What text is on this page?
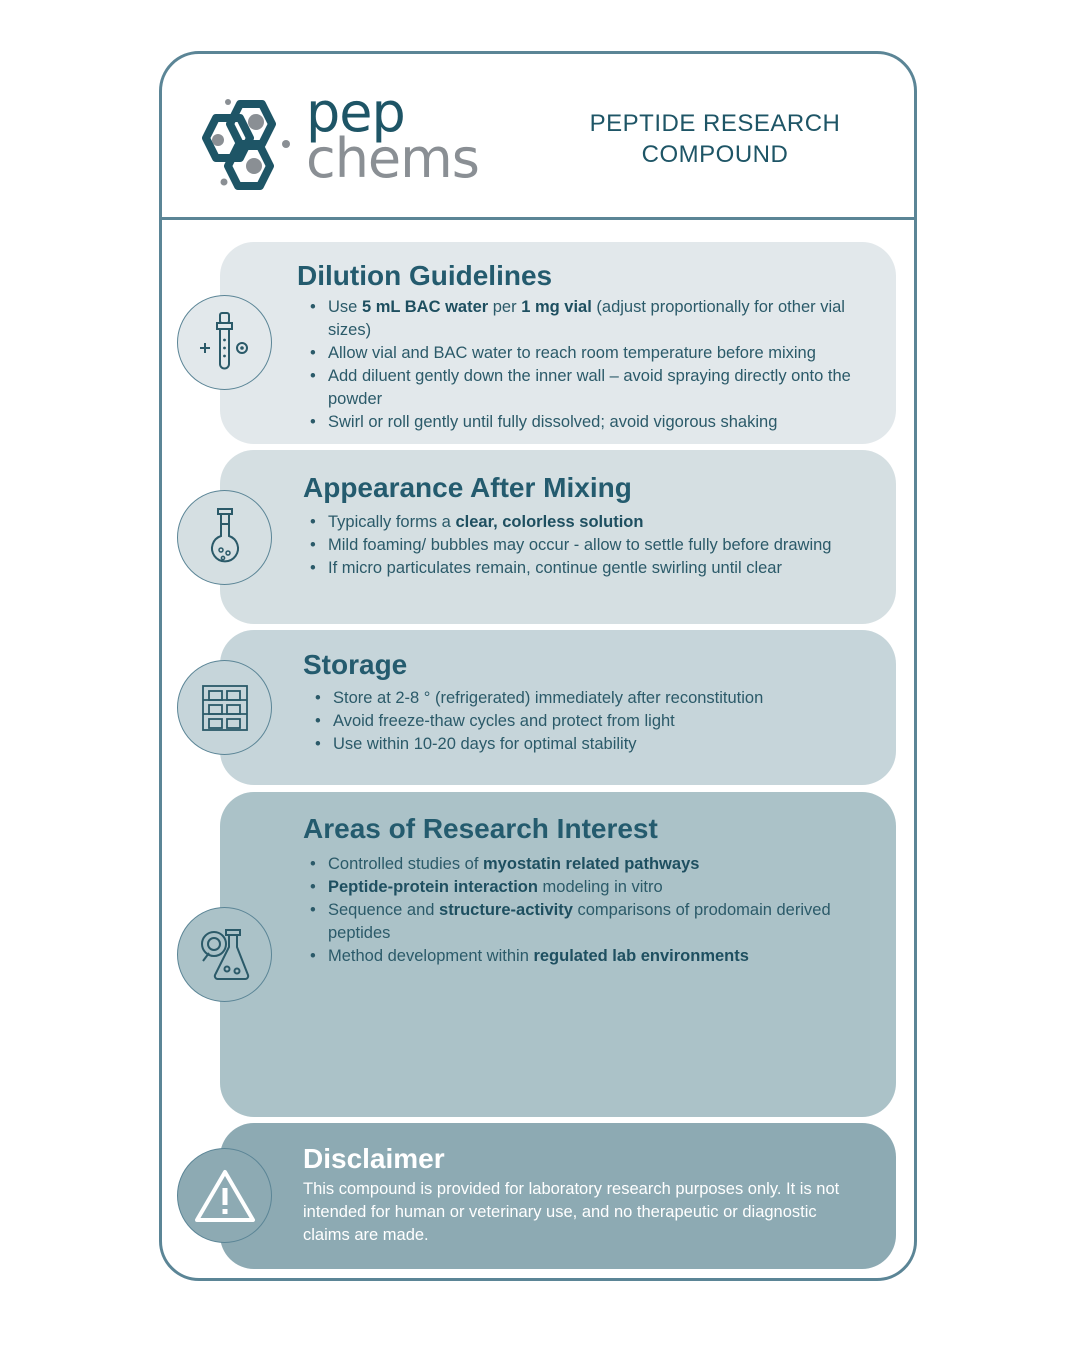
pep
chems
PEPTIDE RESEARCH
COMPOUND
Dilution Guidelines
• Use 5 mL BAC water per 1 mg vial (adjust proportionally for other vial sizes)
• Allow vial and BAC water to reach room temperature before mixing
• Add diluent gently down the inner wall – avoid spraying directly onto the powder
• Swirl or roll gently until fully dissolved; avoid vigorous shaking
Appearance After Mixing
• Typically forms a clear, colorless solution
• Mild foaming/ bubbles may occur - allow to settle fully before drawing
• If micro particulates remain, continue gentle swirling until clear
Storage
• Store at 2-8 ° (refrigerated) immediately after reconstitution
• Avoid freeze-thaw cycles and protect from light
• Use within 10-20 days for optimal stability
Areas of Research Interest
• Controlled studies of myostatin related pathways
• Peptide-protein interaction modeling in vitro
• Sequence and structure-activity comparisons of prodomain derived peptides
• Method development within regulated lab environments
Disclaimer

This compound is provided for laboratory research purposes only. It is not intended for human or veterinary use, and no therapeutic or diagnostic claims are made.
